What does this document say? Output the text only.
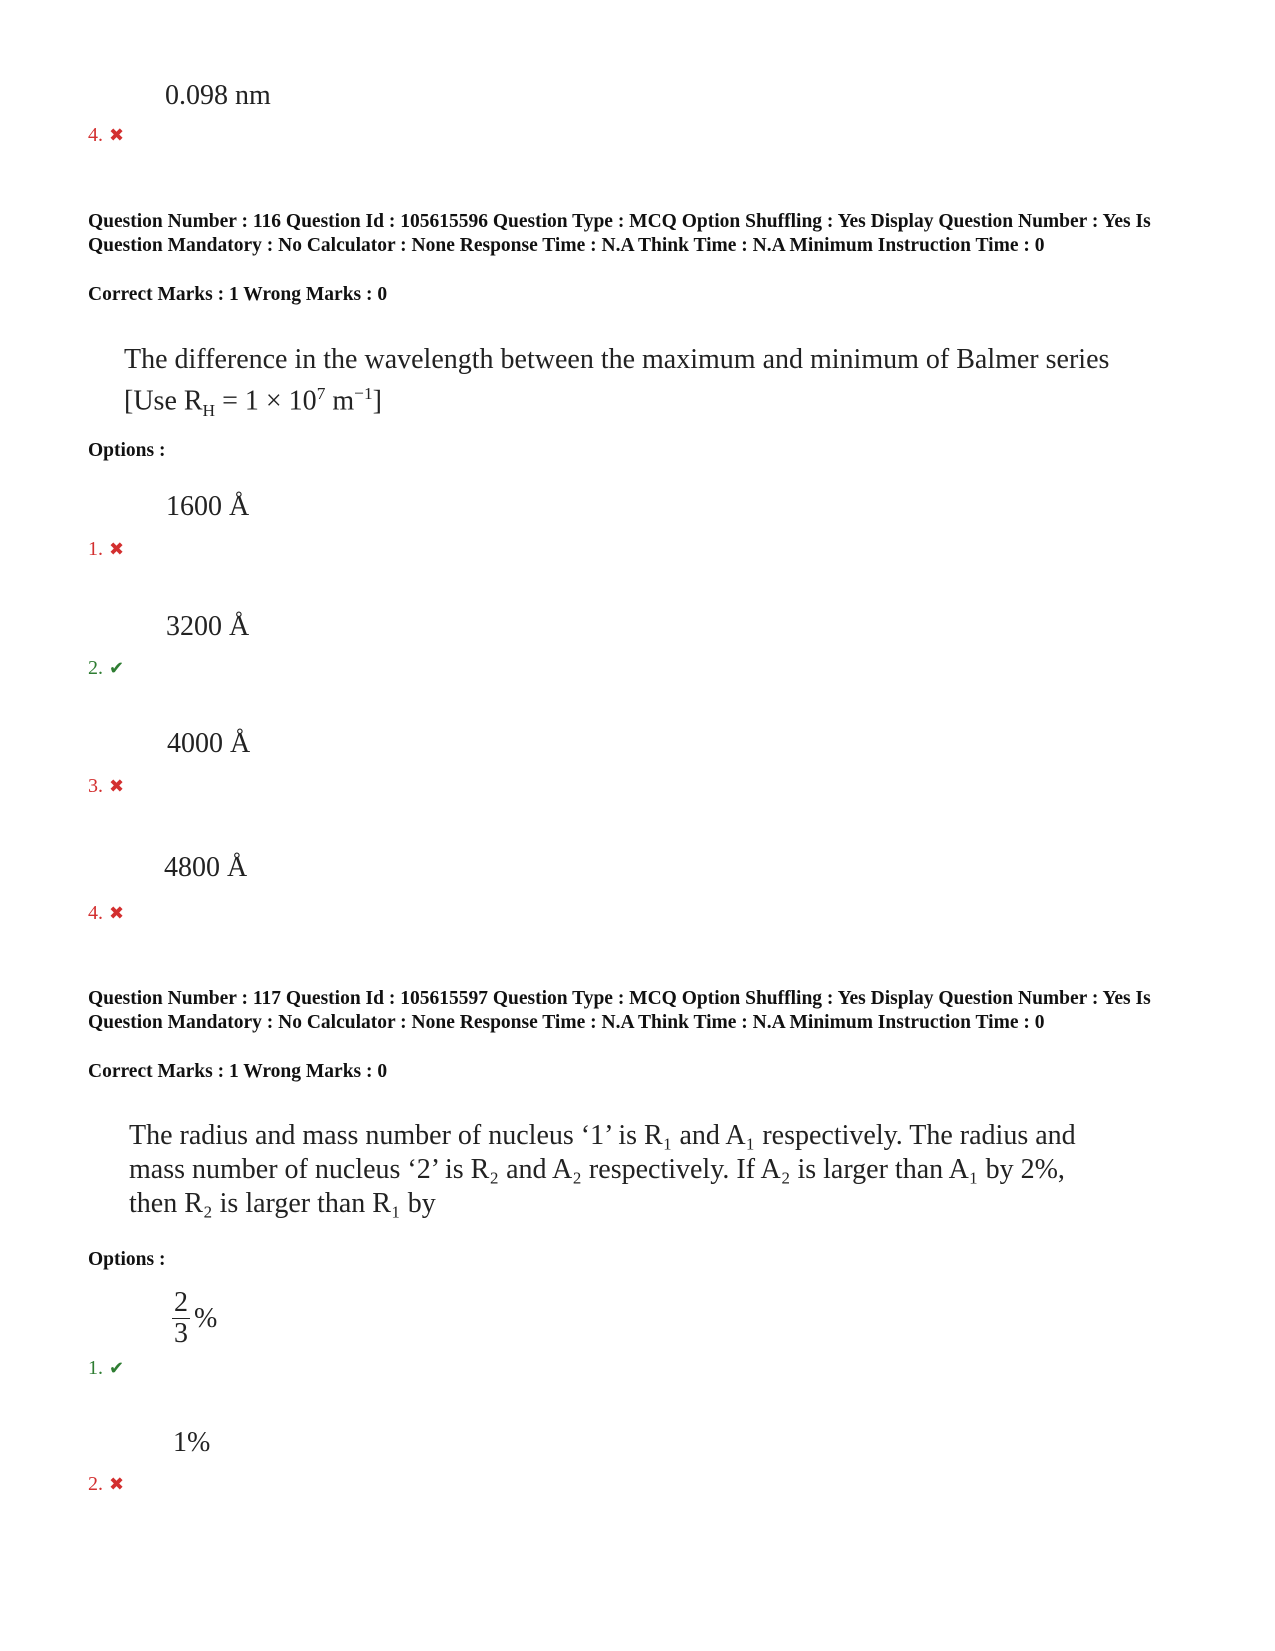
0.098 nm
4. ✖
Question Number : 116 Question Id : 105615596 Question Type : MCQ Option Shuffling : Yes Display Question Number : Yes Is Question Mandatory : No Calculator : None Response Time : N.A Think Time : N.A Minimum Instruction Time : 0
Correct Marks : 1 Wrong Marks : 0
The difference in the wavelength between the maximum and minimum of Balmer series
[Use $R_H = 1 \times 10^7$ $m^{-1}$]
Options :
1600 Å
1. ✖
3200 Å
2. ✔
4000 Å
3. ✖
4800 Å
4. ✖
Question Number : 117 Question Id : 105615597 Question Type : MCQ Option Shuffling : Yes Display Question Number : Yes Is Question Mandatory : No Calculator : None Response Time : N.A Think Time : N.A Minimum Instruction Time : 0
Correct Marks : 1 Wrong Marks : 0
The radius and mass number of nucleus ‘1’ is R₁ and A₁ respectively. The radius and
mass number of nucleus ‘2’ is R₂ and A₂ respectively. If A₂ is larger than A₁ by 2%,
then R₂ is larger than R₁ by
Options :
$\frac{2}{3}$ %
1. ✔
1%
2. ✖
